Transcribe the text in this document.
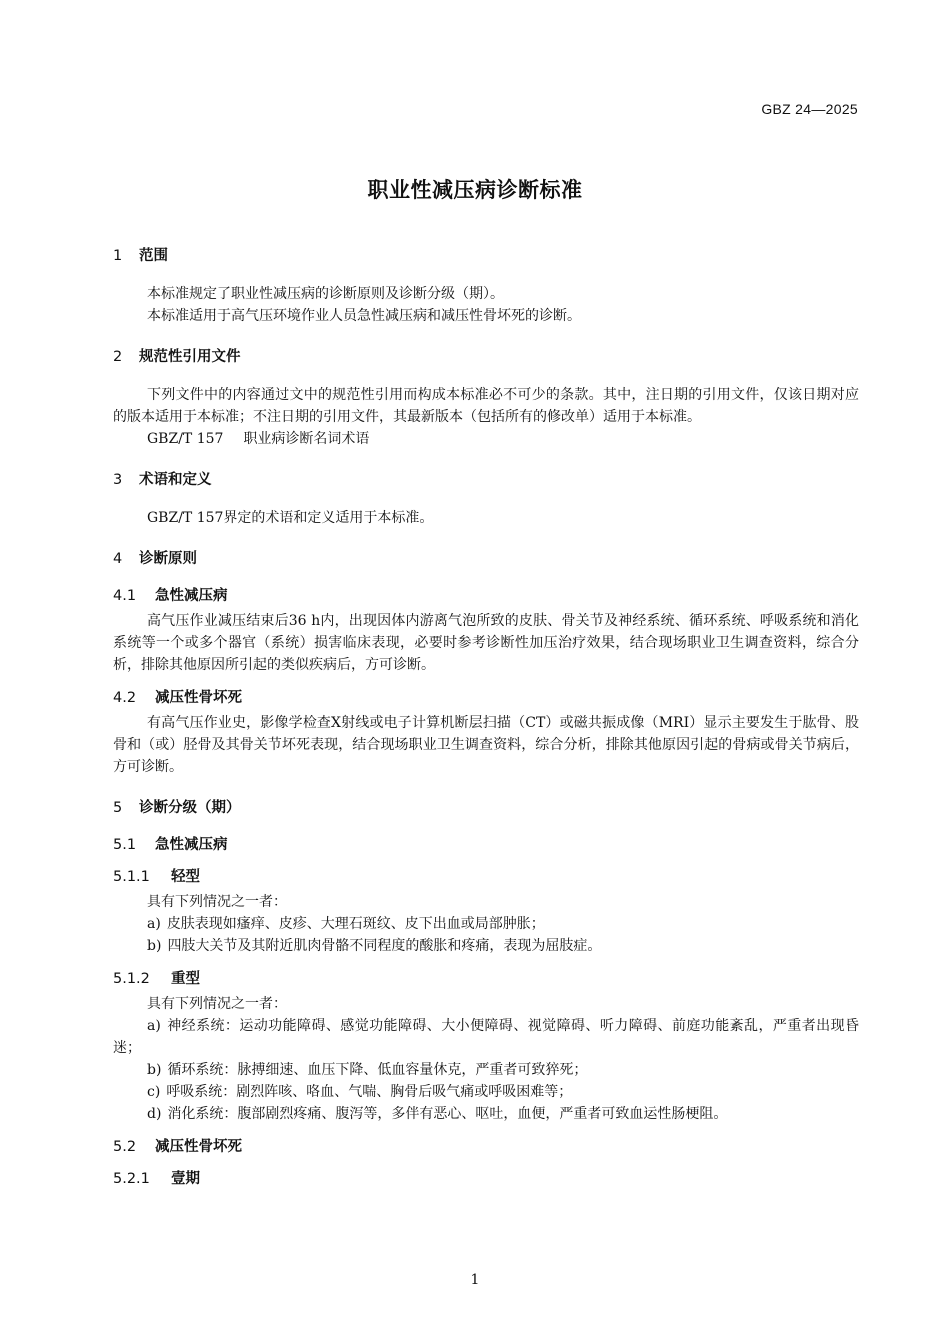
GBZ 24—2025
职业性减压病诊断标准
1 范围

本标准规定了职业性减压病的诊断原则及诊断分级（期）。

本标准适用于高气压环境作业人员急性减压病和减压性骨坏死的诊断。

2 规范性引用文件

下列文件中的内容通过文中的规范性引用而构成本标准必不可少的条款。其中，注日期的引用文件，仅该日期对应的版本适用于本标准；不注日期的引用文件，其最新版本（包括所有的修改单）适用于本标准。

GBZ/T 157 职业病诊断名词术语
3 术语和定义

GBZ/T 157界定的术语和定义适用于本标准。

4 诊断原则
4.1 急性减压病

高气压作业减压结束后36 h内，出现因体内游离气泡所致的皮肤、骨关节及神经系统、循环系统、呼吸系统和消化系统等一个或多个器官（系统）损害临床表现，必要时参考诊断性加压治疗效果，结合现场职业卫生调查资料，综合分析，排除其他原因所引起的类似疾病后，方可诊断。

4.2 减压性骨坏死

有高气压作业史，影像学检查X射线或电子计算机断层扫描（CT）或磁共振成像（MRI）显示主要发生于肱骨、股骨和（或）胫骨及其骨关节坏死表现，结合现场职业卫生调查资料，综合分析，排除其他原因引起的骨病或骨关节病后，方可诊断。

5 诊断分级（期）
5.1 急性减压病
5.1.1 轻型

具有下列情况之一者：

a) 皮肤表现如瘙痒、皮疹、大理石斑纹、皮下出血或局部肿胀；

b) 四肢大关节及其附近肌肉骨骼不同程度的酸胀和疼痛，表现为屈肢症。

5.1.2 重型

具有下列情况之一者：

a) 神经系统：运动功能障碍、感觉功能障碍、大小便障碍、视觉障碍、听力障碍、前庭功能紊乱，严重者出现昏迷；

b) 循环系统：脉搏细速、血压下降、低血容量休克，严重者可致猝死；

c) 呼吸系统：剧烈阵咳、咯血、气喘、胸骨后吸气痛或呼吸困难等；

d) 消化系统：腹部剧烈疼痛、腹泻等，多伴有恶心、呕吐，血便，严重者可致血运性肠梗阻。

5.2 减压性骨坏死
5.2.1 壹期
1
